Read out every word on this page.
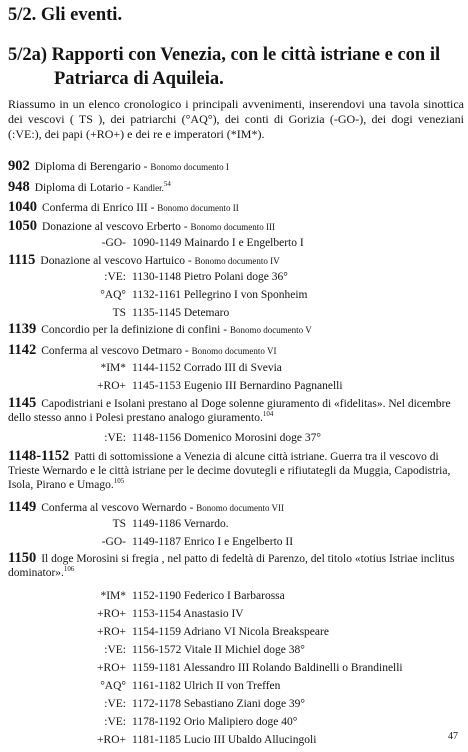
5/2. Gli eventi.
5/2a) Rapporti con Venezia, con le città istriane e con il
Patriarca di Aquileia.
Riassumo in un elenco cronologico i principali avvenimenti, inserendovi una tavola sinottica dei vescovi ( TS ), dei patriarchi (°AQ°), dei conti di Gorizia (-GO-), dei dogi veneziani (:VE:), dei papi (+RO+) e dei re e imperatori (*IM*).
902 Diploma di Berengario - Bonomo documento I
948 Diploma di Lotario - Kandler.$^{54}$
1040 Conferma di Enrico III - Bonomo documento II
1050 Donazione al vescovo Erberto - Bonomo documento III
-GO- 1090-1149 Mainardo I e Engelberto I
1115 Donazione al vescovo Hartuico - Bonomo documento IV
:VE: 1130-1148 Pietro Polani doge 36°
°AQ° 1132-1161 Pellegrino I von Sponheim
TS 1135-1145 Detemaro
1139 Concordio per la definizione di confini - Bonomo documento V
1142 Conferma al vescovo Detmaro - Bonomo documento VI
*IM* 1144-1152 Corrado III di Svevia
+RO+ 1145-1153 Eugenio III Bernardino Pagnanelli
1145 Capodistriani e Isolani prestano al Doge solenne giuramento di «fidelitas». Nel dicembre dello stesso anno i Polesi prestano analogo giuramento.$^{104}$
:VE: 1148-1156 Domenico Morosini doge 37°
1148-1152 Patti di sottomissione a Venezia di alcune città istriane. Guerra tra il vescovo di Trieste Wernardo e le città istriane per le decime dovutegli e rifiutategli da Muggia, Capodistria, Isola, Pirano e Umago.$^{105}$
1149 Conferma al vescovo Wernardo - Bonomo documento VII
TS 1149-1186 Vernardo.
-GO- 1149-1187 Enrico I e Engelberto II
1150 Il doge Morosini si fregia , nel patto di fedeltà di Parenzo, del titolo «totius Istriae inclitus dominator».$^{106}$
*IM* 1152-1190 Federico I Barbarossa
+RO+ 1153-1154 Anastasio IV
+RO+ 1154-1159 Adriano VI Nicola Breakspeare
:VE: 1156-1572 Vitale II Michiel doge 38°
+RO+ 1159-1181 Alessandro III Rolando Baldinelli o Brandinelli
°AQ° 1161-1182 Ulrich II von Treffen
:VE: 1172-1178 Sebastiano Ziani doge 39°
:VE: 1178-1192 Orio Malipiero doge 40°
+RO+ 1181-1185 Lucio III Ubaldo Allucingoli	47
